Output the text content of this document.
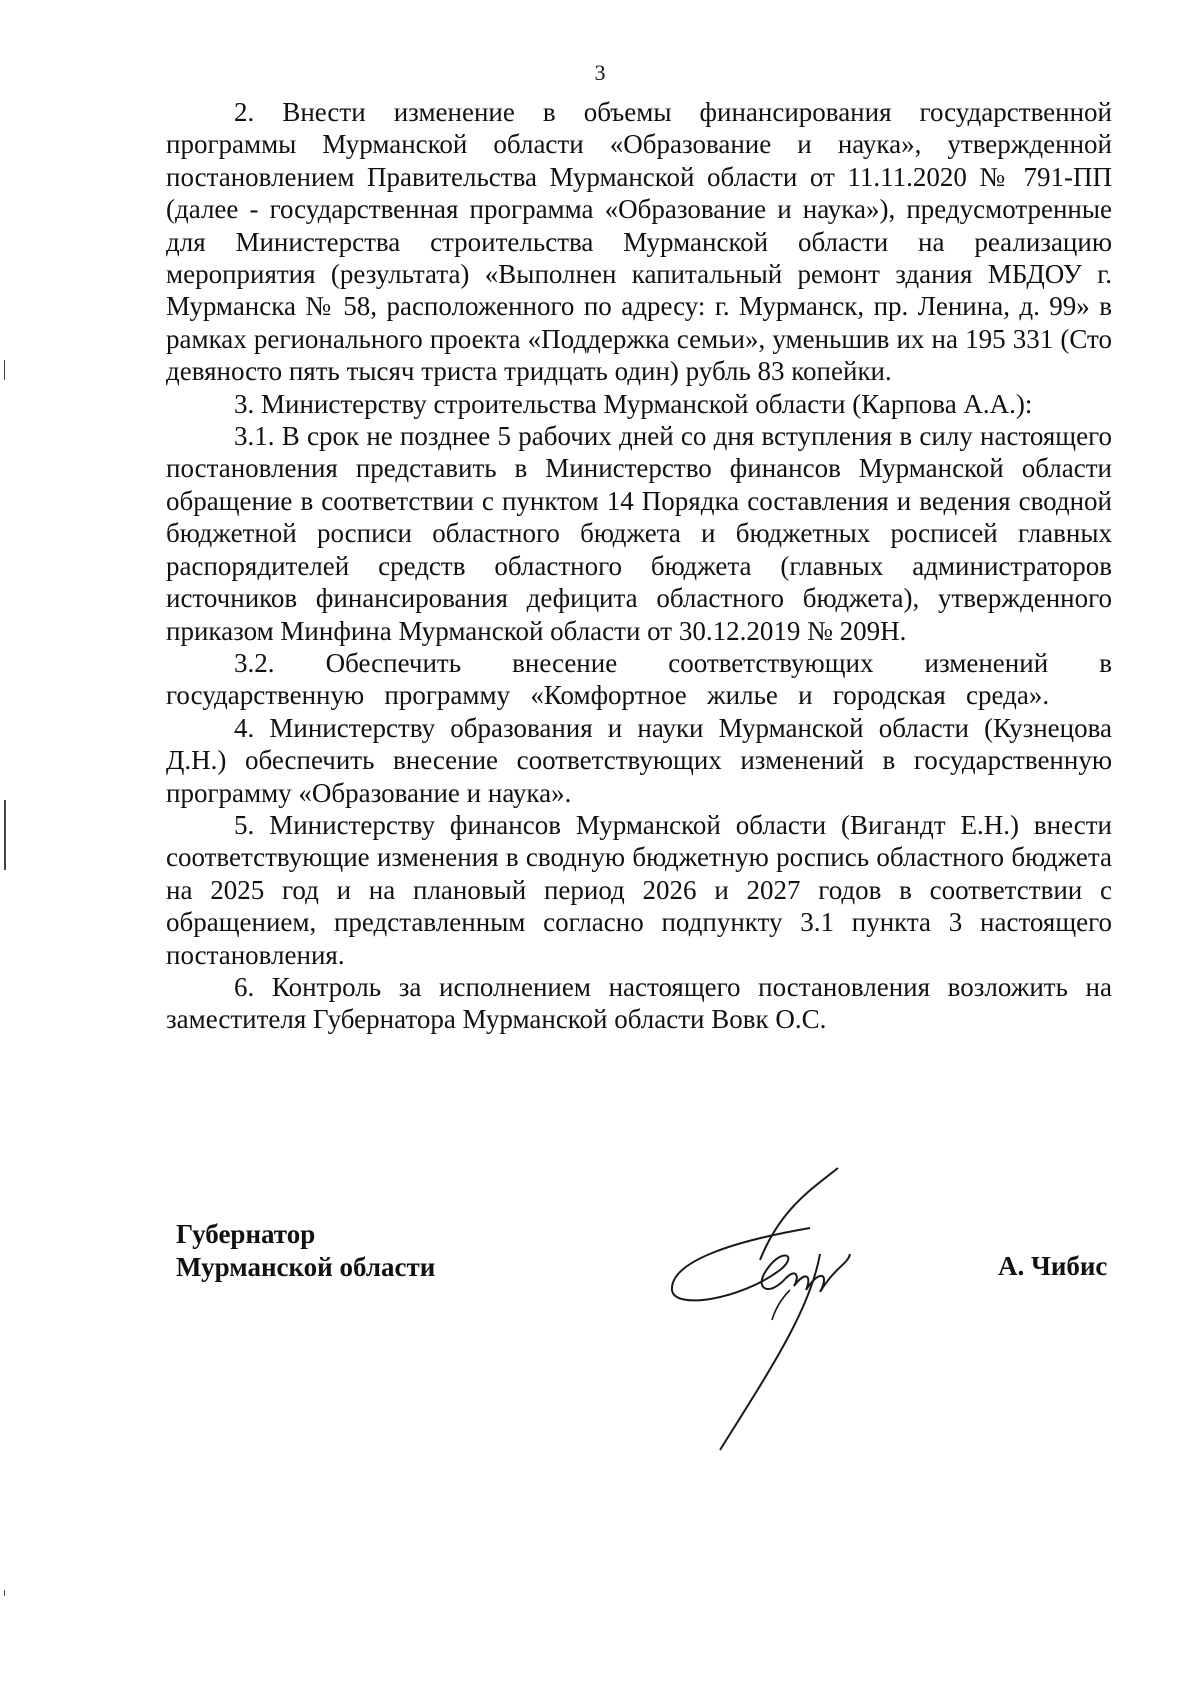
3

2. Внести изменение в объемы финансирования государственной программы Мурманской области «Образование и наука», утвержденной постановлением Правительства Мурманской области от 11.11.2020 № 791-ПП (далее - государственная программа «Образование и наука»), предусмотренные для Министерства строительства Мурманской области на реализацию мероприятия (результата) «Выполнен капитальный ремонт здания МБДОУ г. Мурманска № 58, расположенного по адресу: г. Мурманск, пр. Ленина, д. 99» в рамках регионального проекта «Поддержка семьи», уменьшив их на 195 331 (Сто девяносто пять тысяч триста тридцать один) рубль 83 копейки.

3. Министерству строительства Мурманской области (Карпова А.А.):

3.1. В срок не позднее 5 рабочих дней со дня вступления в силу настоящего постановления представить в Министерство финансов Мурманской области обращение в соответствии с пунктом 14 Порядка составления и ведения сводной бюджетной росписи областного бюджета и бюджетных росписей главных распорядителей средств областного бюджета (главных администраторов источников финансирования дефицита областного бюджета), утвержденного приказом Минфина Мурманской области от 30.12.2019 № 209Н.

3.2. Обеспечить внесение соответствующих изменений в государственную программу «Комфортное жилье и городская среда».

4. Министерству образования и науки Мурманской области (Кузнецова Д.Н.) обеспечить внесение соответствующих изменений в государственную программу «Образование и наука».

5. Министерству финансов Мурманской области (Вигандт Е.Н.) внести соответствующие изменения в сводную бюджетную роспись областного бюджета на 2025 год и на плановый период 2026 и 2027 годов в соответствии с обращением, представленным согласно подпункту 3.1 пункта 3 настоящего постановления.

6. Контроль за исполнением настоящего постановления возложить на заместителя Губернатора Мурманской области Вовк О.С.

Губернатор
Мурманской области	А. Чибис
